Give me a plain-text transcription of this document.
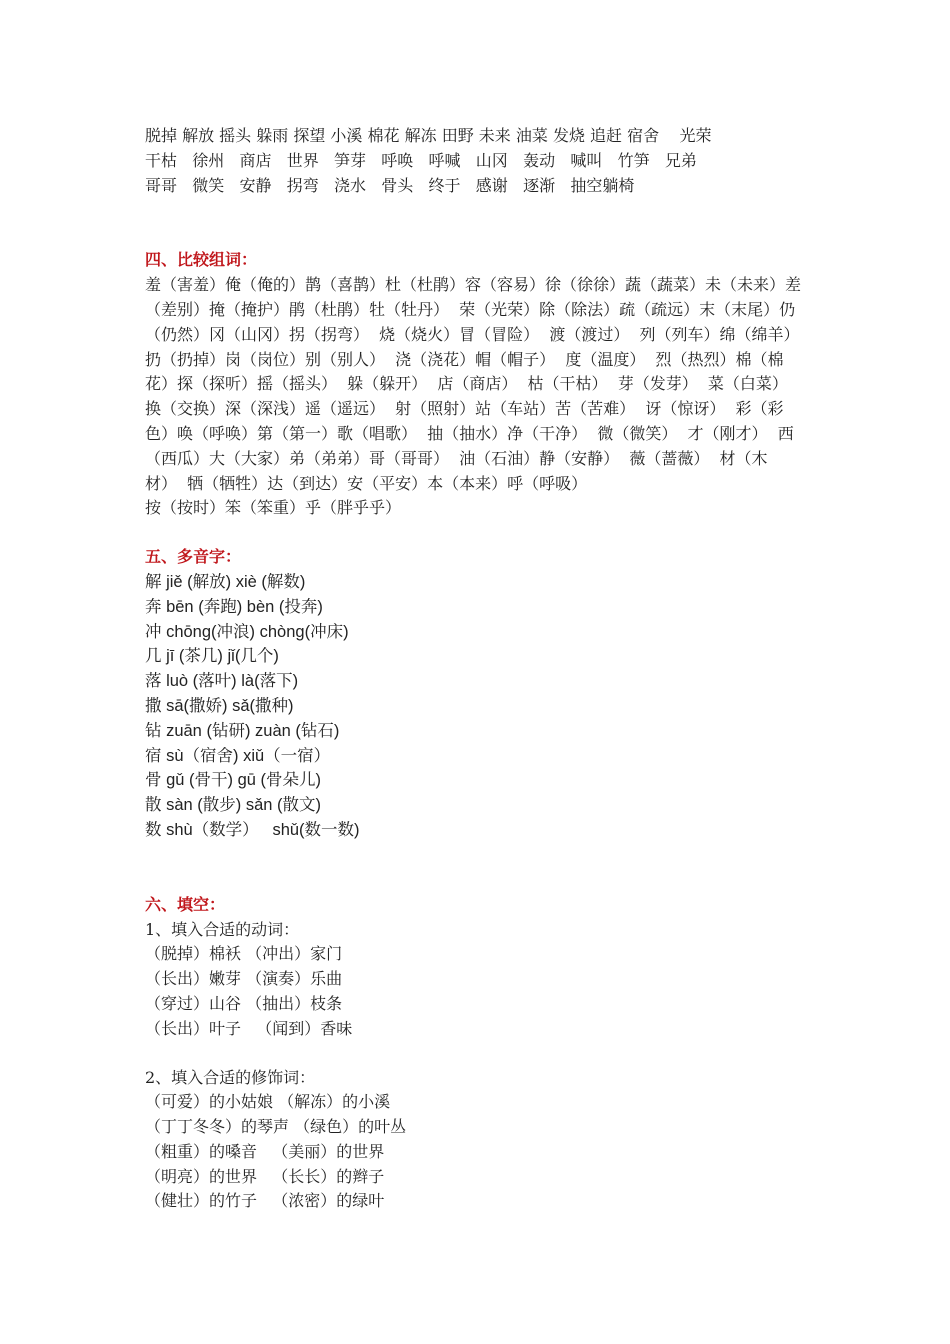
脱掉 解放 摇头 躲雨 探望 小溪 棉花 解冻 田野 未来 油菜 发烧 追赶 宿舍    光荣

干枯   徐州   商店   世界   笋芽   呼唤   呼喊   山冈   轰动   喊叫   竹笋   兄弟

哥哥   微笑   安静   拐弯   浇水   骨头   终于   感谢   逐渐   抽空躺椅

四、比较组词：

羞（害羞）俺（俺的）鹊（喜鹊）杜（杜鹃）容（容易）徐（徐徐）蔬（蔬菜）未（未来）差

（差别）掩（掩护）鹃（杜鹃）牡（牡丹）  荣（光荣）除（除法）疏（疏远）末（末尾）仍

（仍然）冈（山冈）拐（拐弯）  烧（烧火）冒（冒险）  渡（渡过）  列（列车）绵（绵羊）

扔（扔掉）岗（岗位）别（别人）  浇（浇花）帽（帽子）  度（温度）  烈（热烈）棉（棉

花）探（探听）摇（摇头）  躲（躲开）  店（商店）  枯（干枯）  芽（发芽）  菜（白菜）

换（交换）深（深浅）遥（遥远）  射（照射）站（车站）苦（苦难）  讶（惊讶）  彩（彩

色）唤（呼唤）第（第一）歌（唱歌）  抽（抽水）净（干净）  微（微笑）  才（刚才）  西

（西瓜）大（大家）弟（弟弟）哥（哥哥）  油（石油）静（安静）  薇（蔷薇）  材（木

材）  牺（牺牲）达（到达）安（平安）本（本来）呼（呼吸）

按（按时）笨（笨重）乎（胖乎乎）

五、多音字：

解 jiě (解放) xiè (解数)

奔 bēn (奔跑) bèn (投奔)

冲 chōnɡ(冲浪) chònɡ(冲床)

几 jī (茶几) jǐ(几个)

落 luò (落叶) là(落下)

撒 sā(撒娇) sǎ(撒种)

钻 zuān (钻研) zuàn (钻石)

宿 sù（宿舍) xiǔ（一宿）

骨 ɡǔ (骨干) ɡū (骨朵儿)

散 sàn (散步) sǎn (散文)

数 shù（数学）   shǔ(数一数)

六、填空：

1、填入合适的动词：

（脱掉）棉袄 （冲出）家门

（长出）嫩芽 （演奏）乐曲

（穿过）山谷 （抽出）枝条

（长出）叶子   （闻到）香味

2、填入合适的修饰词：

（可爱）的小姑娘 （解冻）的小溪

（丁丁冬冬）的琴声 （绿色）的叶丛

（粗重）的嗓音   （美丽）的世界

（明亮）的世界   （长长）的辫子

（健壮）的竹子   （浓密）的绿叶
